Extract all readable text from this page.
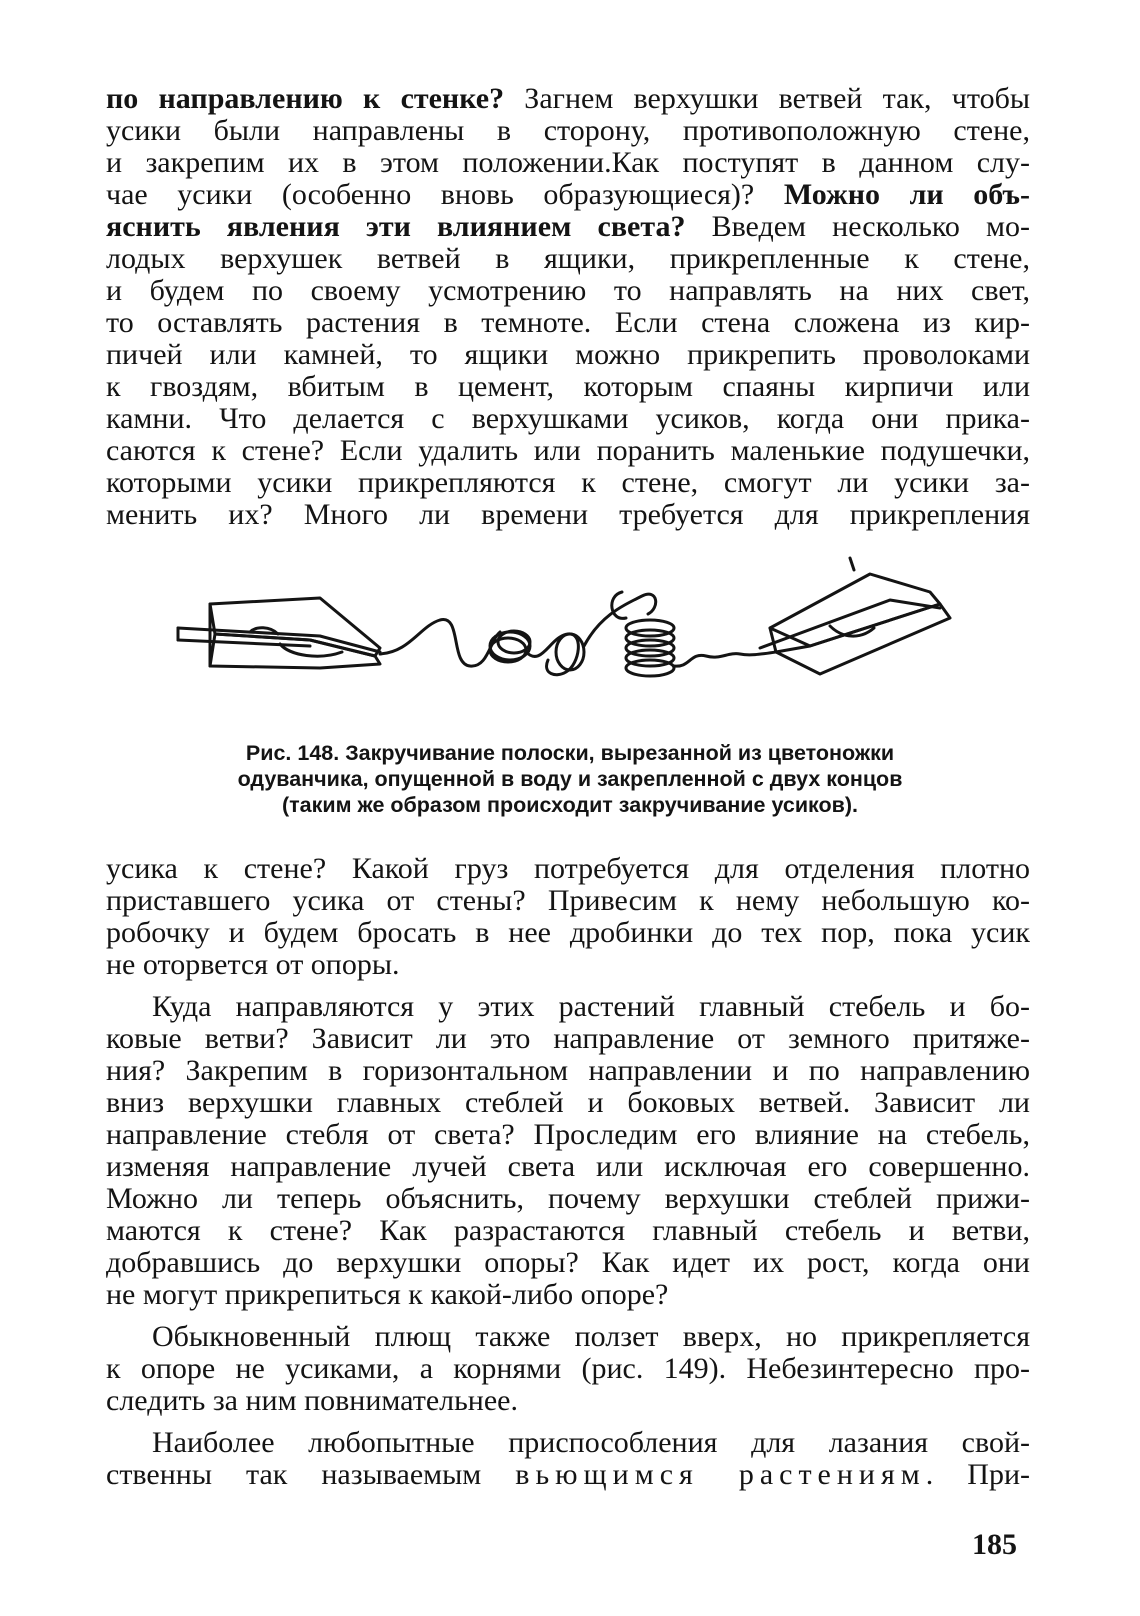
по направлению к стенке? Загнем верхушки ветвей так, чтобы
усики были направлены в сторону, противоположную стене,
и закрепим их в этом положении.Как поступят в данном слу-
чае усики (особенно вновь образующиеся)? Можно ли объ-
яснить явления эти влиянием света? Введем несколько мо-
лодых верхушек ветвей в ящики, прикрепленные к стене,
и будем по своему усмотрению то направлять на них свет,
то оставлять растения в темноте. Если стена сложена из кир-
пичей или камней, то ящики можно прикрепить проволоками
к гвоздям, вбитым в цемент, которым спаяны кирпичи или
камни. Что делается с верхушками усиков, когда они прика-
саются к стене? Если удалить или поранить маленькие подушечки,
которыми усики прикрепляются к стене, смогут ли усики за-
менить их? Много ли времени требуется для прикрепления
Рис. 148. Закручивание полоски, вырезанной из цветоножки
одуванчика, опущенной в воду и закрепленной с двух концов
(таким же образом происходит закручивание усиков).
усика к стене? Какой груз потребуется для отделения плотно
приставшего усика от стены? Привесим к нему небольшую ко-
робочку и будем бросать в нее дробинки до тех пор, пока усик
не оторвется от опоры.
Куда направляются у этих растений главный стебель и бо-
ковые ветви? Зависит ли это направление от земного притяже-
ния? Закрепим в горизонтальном направлении и по направлению
вниз верхушки главных стеблей и боковых ветвей. Зависит ли
направление стебля от света? Проследим его влияние на стебель,
изменяя направление лучей света или исключая его совершенно.
Можно ли теперь объяснить, почему верхушки стеблей прижи-
маются к стене? Как разрастаются главный стебель и ветви,
добравшись до верхушки опоры? Как идет их рост, когда они
не могут прикрепиться к какой-либо опоре?
Обыкновенный плющ также ползет вверх, но прикрепляется
к опоре не усиками, а корнями (рис. 149). Небезинтересно про-
следить за ним повнимательнее.
Наиболее любопытные приспособления для лазания свой-
ственны так называемым вьющимся растениям. При-
185
